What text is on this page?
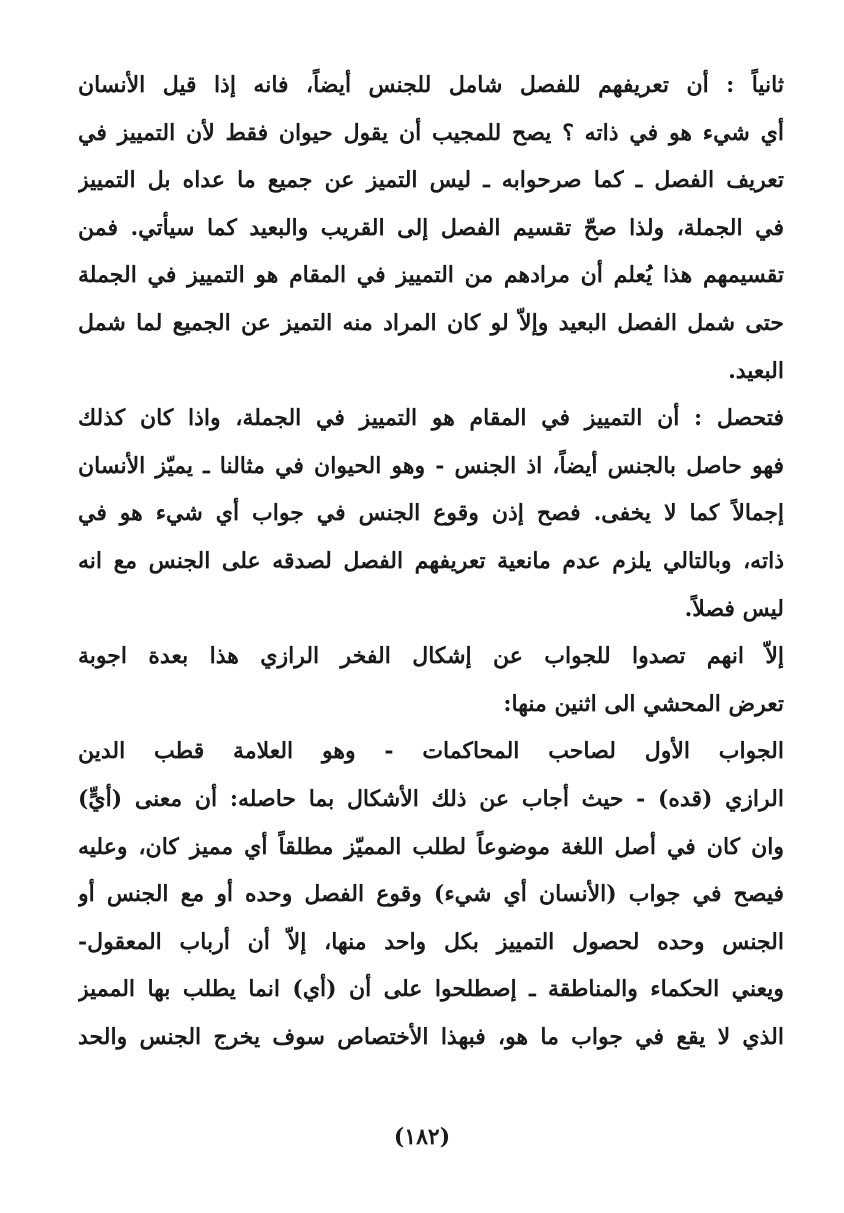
ثانياً : أن تعريفهم للفصل شامل للجنس أيضاً، فانه إذا قيل الأنسان
أي شيء هو في ذاته ؟ يصح للمجيب أن يقول حيوان فقط لأن التمييز في
تعريف الفصل ـ كما صرحوابه ـ ليس التميز عن جميع ما عداه بل التمييز
في الجملة، ولذا صحّ تقسيم الفصل إلى القريب والبعيد كما سيأتي. فمن
تقسيمهم هذا يُعلم أن مرادهم من التمييز في المقام هو التمييز في الجملة
حتى شمل الفصل البعيد وإلاّ لو كان المراد منه التميز عن الجميع لما شمل
البعيد.
فتحصل : أن التمييز في المقام هو التمييز في الجملة، واذا كان كذلك
فهو حاصل بالجنس أيضاً، اذ الجنس - وهو الحيوان في مثالنا ـ يميّز الأنسان
إجمالاً كما لا يخفى. فصح إذن وقوع الجنس في جواب أي شيء هو في
ذاته، وبالتالي يلزم عدم مانعية تعريفهم الفصل لصدقه على الجنس مع انه
ليس فصلاً.
إلاّ انهم تصدوا للجواب عن إشكال الفخر الرازي هذا بعدة اجوبة
تعرض المحشي الى اثنين منها:
الجواب الأول لصاحب المحاكمات - وهو العلامة قطب الدين
الرازي (قده) - حيث أجاب عن ذلك الأشكال بما حاصله: أن معنى (أيٍّ)
وان كان في أصل اللغة موضوعاً لطلب المميّز مطلقاً أي مميز كان، وعليه
فيصح في جواب (الأنسان أي شيء) وقوع الفصل وحده أو مع الجنس أو
الجنس وحده لحصول التمييز بكل واحد منها، إلاّ أن أرباب المعقول-
ويعني الحكماء والمناطقة ـ إصطلحوا على أن (أي) انما يطلب بها المميز
الذي لا يقع في جواب ما هو، فبهذا الأختصاص سوف يخرج الجنس والحد
(١٨٢)
